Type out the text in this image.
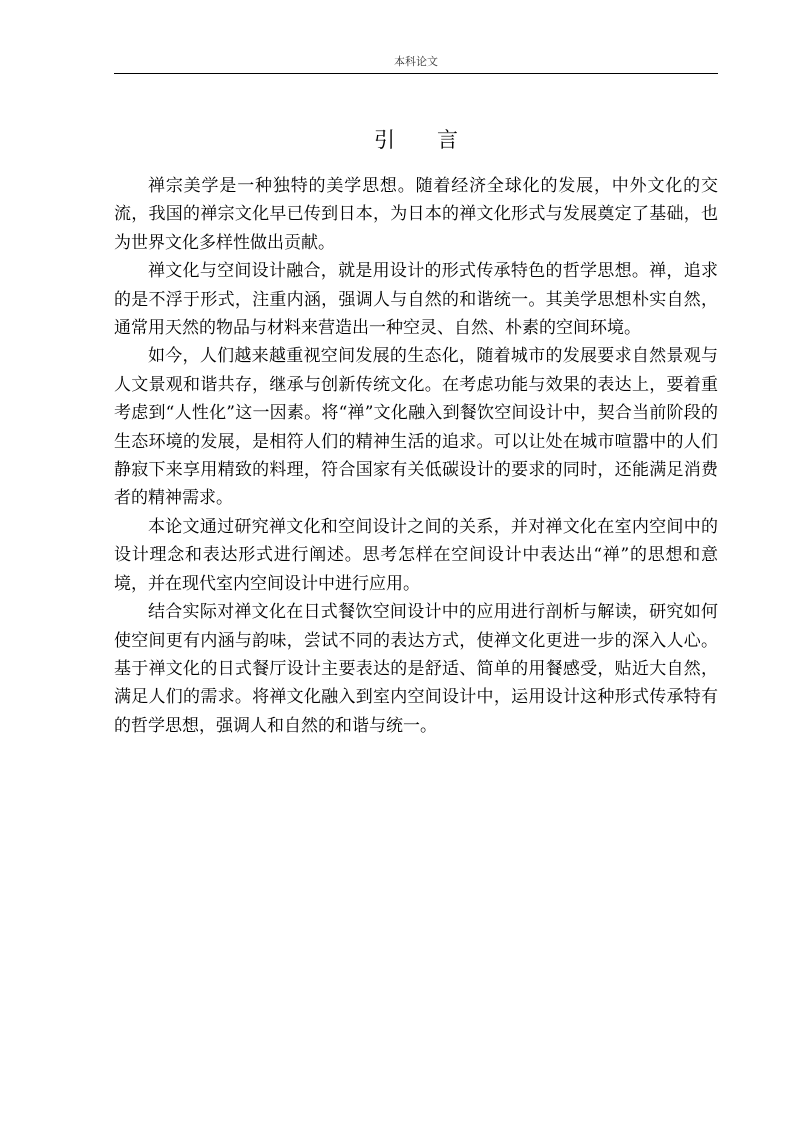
本科论文
引言

禅宗美学是一种独特的美学思想。随着经济全球化的发展，中外文化的交流，我国的禅宗文化早已传到日本，为日本的禅文化形式与发展奠定了基础，也为世界文化多样性做出贡献。

禅文化与空间设计融合，就是用设计的形式传承特色的哲学思想。禅，追求的是不浮于形式，注重内涵，强调人与自然的和谐统一。其美学思想朴实自然，通常用天然的物品与材料来营造出一种空灵、自然、朴素的空间环境。

如今，人们越来越重视空间发展的生态化，随着城市的发展要求自然景观与人文景观和谐共存，继承与创新传统文化。在考虑功能与效果的表达上，要着重考虑到“人性化”这一因素。将“禅”文化融入到餐饮空间设计中，契合当前阶段的生态环境的发展，是相符人们的精神生活的追求。可以让处在城市喧嚣中的人们静寂下来享用精致的料理，符合国家有关低碳设计的要求的同时，还能满足消费者的精神需求。

本论文通过研究禅文化和空间设计之间的关系，并对禅文化在室内空间中的设计理念和表达形式进行阐述。思考怎样在空间设计中表达出“禅”的思想和意境，并在现代室内空间设计中进行应用。

结合实际对禅文化在日式餐饮空间设计中的应用进行剖析与解读，研究如何使空间更有内涵与韵味，尝试不同的表达方式，使禅文化更进一步的深入人心。基于禅文化的日式餐厅设计主要表达的是舒适、简单的用餐感受，贴近大自然，满足人们的需求。将禅文化融入到室内空间设计中，运用设计这种形式传承特有的哲学思想，强调人和自然的和谐与统一。
